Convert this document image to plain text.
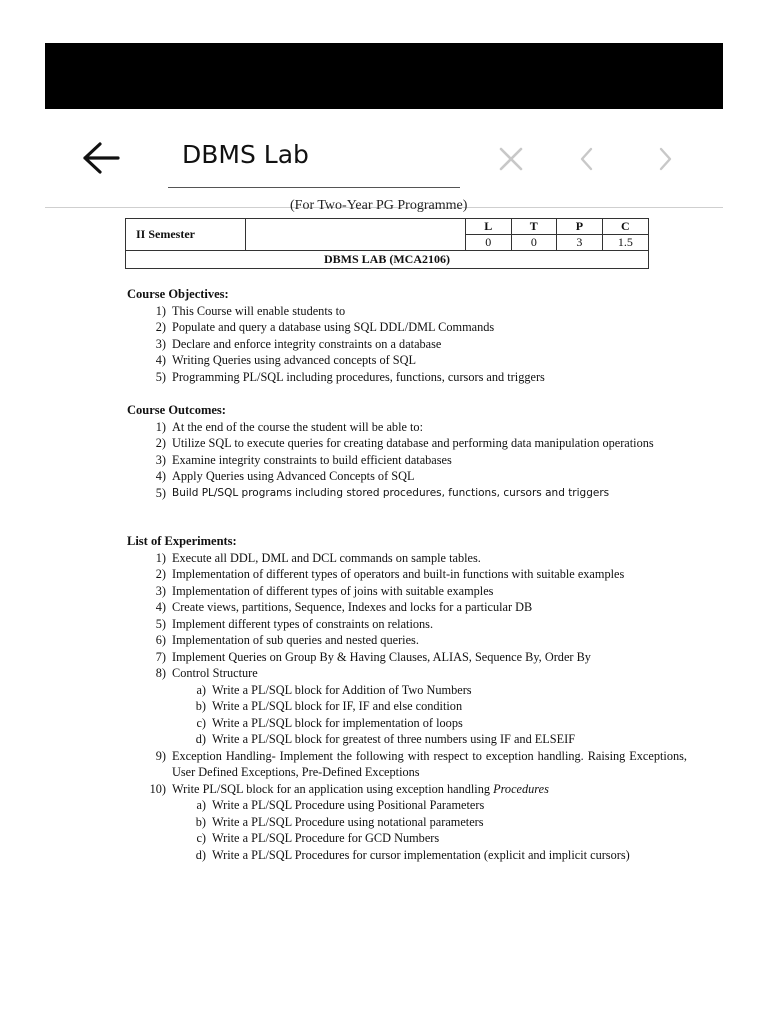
DBMS Lab
(For Two-Year PG Programme)
II Semester		L	T	P	C
		0	0	3	1.5
DBMS LAB (MCA2106)					
Course Objectives:
1) This Course will enable students to
2) Populate and query a database using SQL DDL/DML Commands
3) Declare and enforce integrity constraints on a database
4) Writing Queries using advanced concepts of SQL
5) Programming PL/SQL including procedures, functions, cursors and triggers
Course Outcomes:
1) At the end of the course the student will be able to:
2) Utilize SQL to execute queries for creating database and performing data manipulation operations
3) Examine integrity constraints to build efficient databases
4) Apply Queries using Advanced Concepts of SQL
5) Build PL/SQL programs including stored procedures, functions, cursors and triggers
List of Experiments:
1) Execute all DDL, DML and DCL commands on sample tables.
2) Implementation of different types of operators and built-in functions with suitable examples
3) Implementation of different types of joins with suitable examples
4) Create views, partitions, Sequence, Indexes and locks for a particular DB
5) Implement different types of constraints on relations.
6) Implementation of sub queries and nested queries.
7) Implement Queries on Group By & Having Clauses, ALIAS, Sequence By, Order By
8) Control Structure
a) Write a PL/SQL block for Addition of Two Numbers
b) Write a PL/SQL block for IF, IF and else condition
c) Write a PL/SQL block for implementation of loops
d) Write a PL/SQL block for greatest of three numbers using IF and ELSEIF
9) Exception Handling- Implement the following with respect to exception handling. Raising Exceptions, User Defined Exceptions, Pre-Defined Exceptions
10) Write PL/SQL block for an application using exception handling Procedures
a) Write a PL/SQL Procedure using Positional Parameters
b) Write a PL/SQL Procedure using notational parameters
c) Write a PL/SQL Procedure for GCD Numbers
d) Write a PL/SQL Procedures for cursor implementation (explicit and implicit cursors)
